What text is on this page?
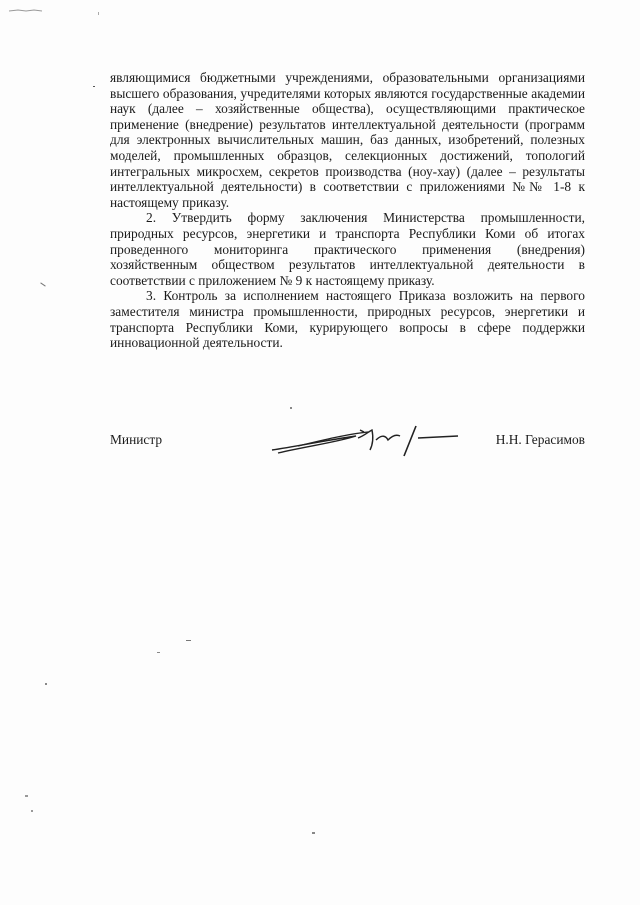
являющимися бюджетными учреждениями, образовательными организациями высшего образования, учредителями которых являются государственные академии наук (далее – хозяйственные общества), осуществляющими практическое применение (внедрение) результатов интеллектуальной деятельности (программ для электронных вычислительных машин, баз данных, изобретений, полезных моделей, промышленных образцов, селекционных достижений, топологий интегральных микросхем, секретов производства (ноу-хау) (далее – результаты интеллектуальной деятельности) в соответствии с приложениями №№ 1-8 к настоящему приказу.

2. Утвердить форму заключения Министерства промышленности, природных ресурсов, энергетики и транспорта Республики Коми об итогах проведенного мониторинга практического применения (внедрения) хозяйственным обществом результатов интеллектуальной деятельности в соответствии с приложением № 9 к настоящему приказу.

3. Контроль за исполнением настоящего Приказа возложить на первого заместителя министра промышленности, природных ресурсов, энергетики и транспорта Республики Коми, курирующего вопросы в сфере поддержки инновационной деятельности.

Министр	Н.Н. Герасимов
